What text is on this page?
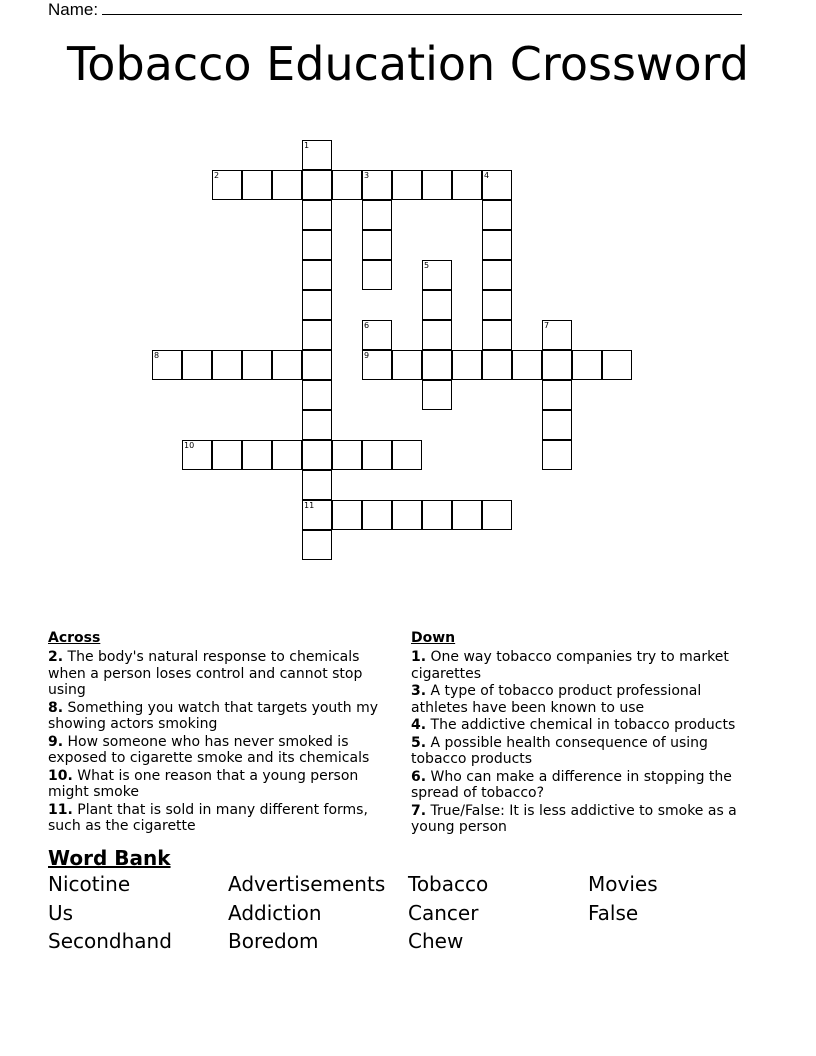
Name:
Tobacco Education Crossword
1
11
2	3	4
5
6
9
7
8
10
Across
2. The body's natural response to chemicals when a person loses control and cannot stop using
8. Something you watch that targets youth my showing actors smoking
9. How someone who has never smoked is exposed to cigarette smoke and its chemicals
10. What is one reason that a young person might smoke
11. Plant that is sold in many different forms, such as the cigarette
Down
1. One way tobacco companies try to market cigarettes
3. A type of tobacco product professional athletes have been known to use
4. The addictive chemical in tobacco products
5. A possible health consequence of using tobacco products
6. Who can make a difference in stopping the spread of tobacco?
7. True/False: It is less addictive to smoke as a young person
Word Bank
Nicotine	Advertisements	Tobacco	Movies
Us	Addiction	Cancer	False
Secondhand	Boredom	Chew
